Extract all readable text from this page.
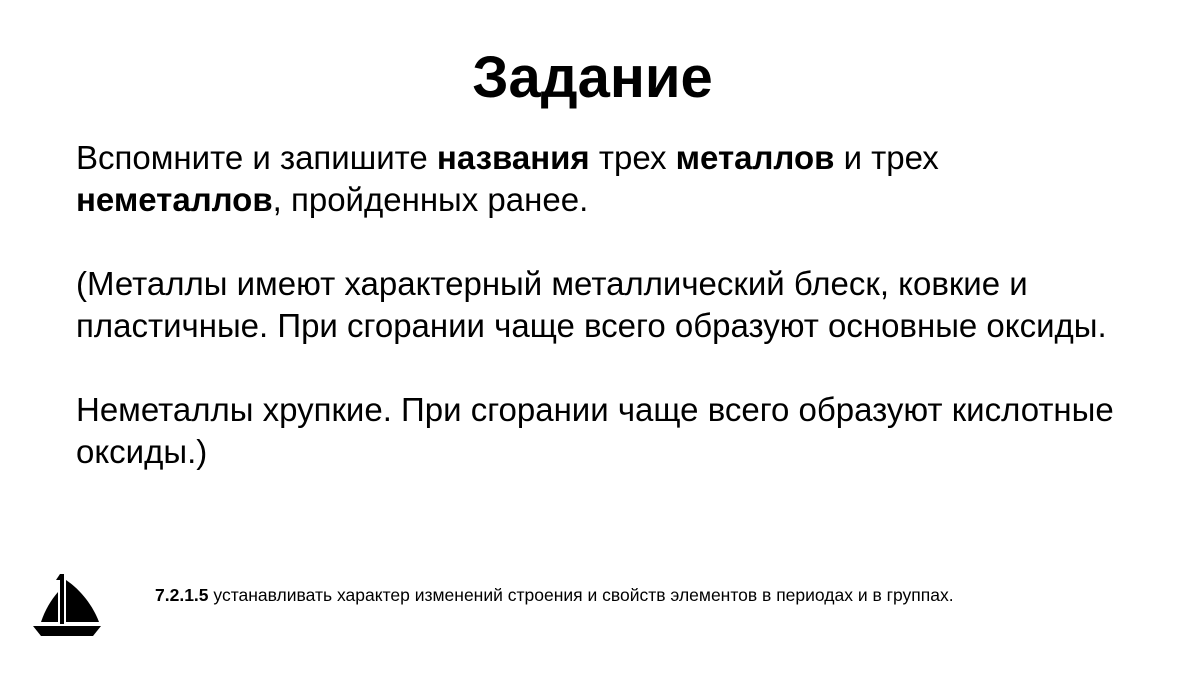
Задание

Вспомните и запишите названия трех металлов и трех неметаллов, пройденных ранее.

(Металлы имеют характерный металлический блеск, ковкие и пластичные. При сгорании чаще всего образуют основные оксиды.

Неметаллы хрупкие. При сгорании чаще всего образуют кислотные оксиды.)

7.2.1.5 устанавливать характер изменений строения и свойств элементов в периодах и в группах.
